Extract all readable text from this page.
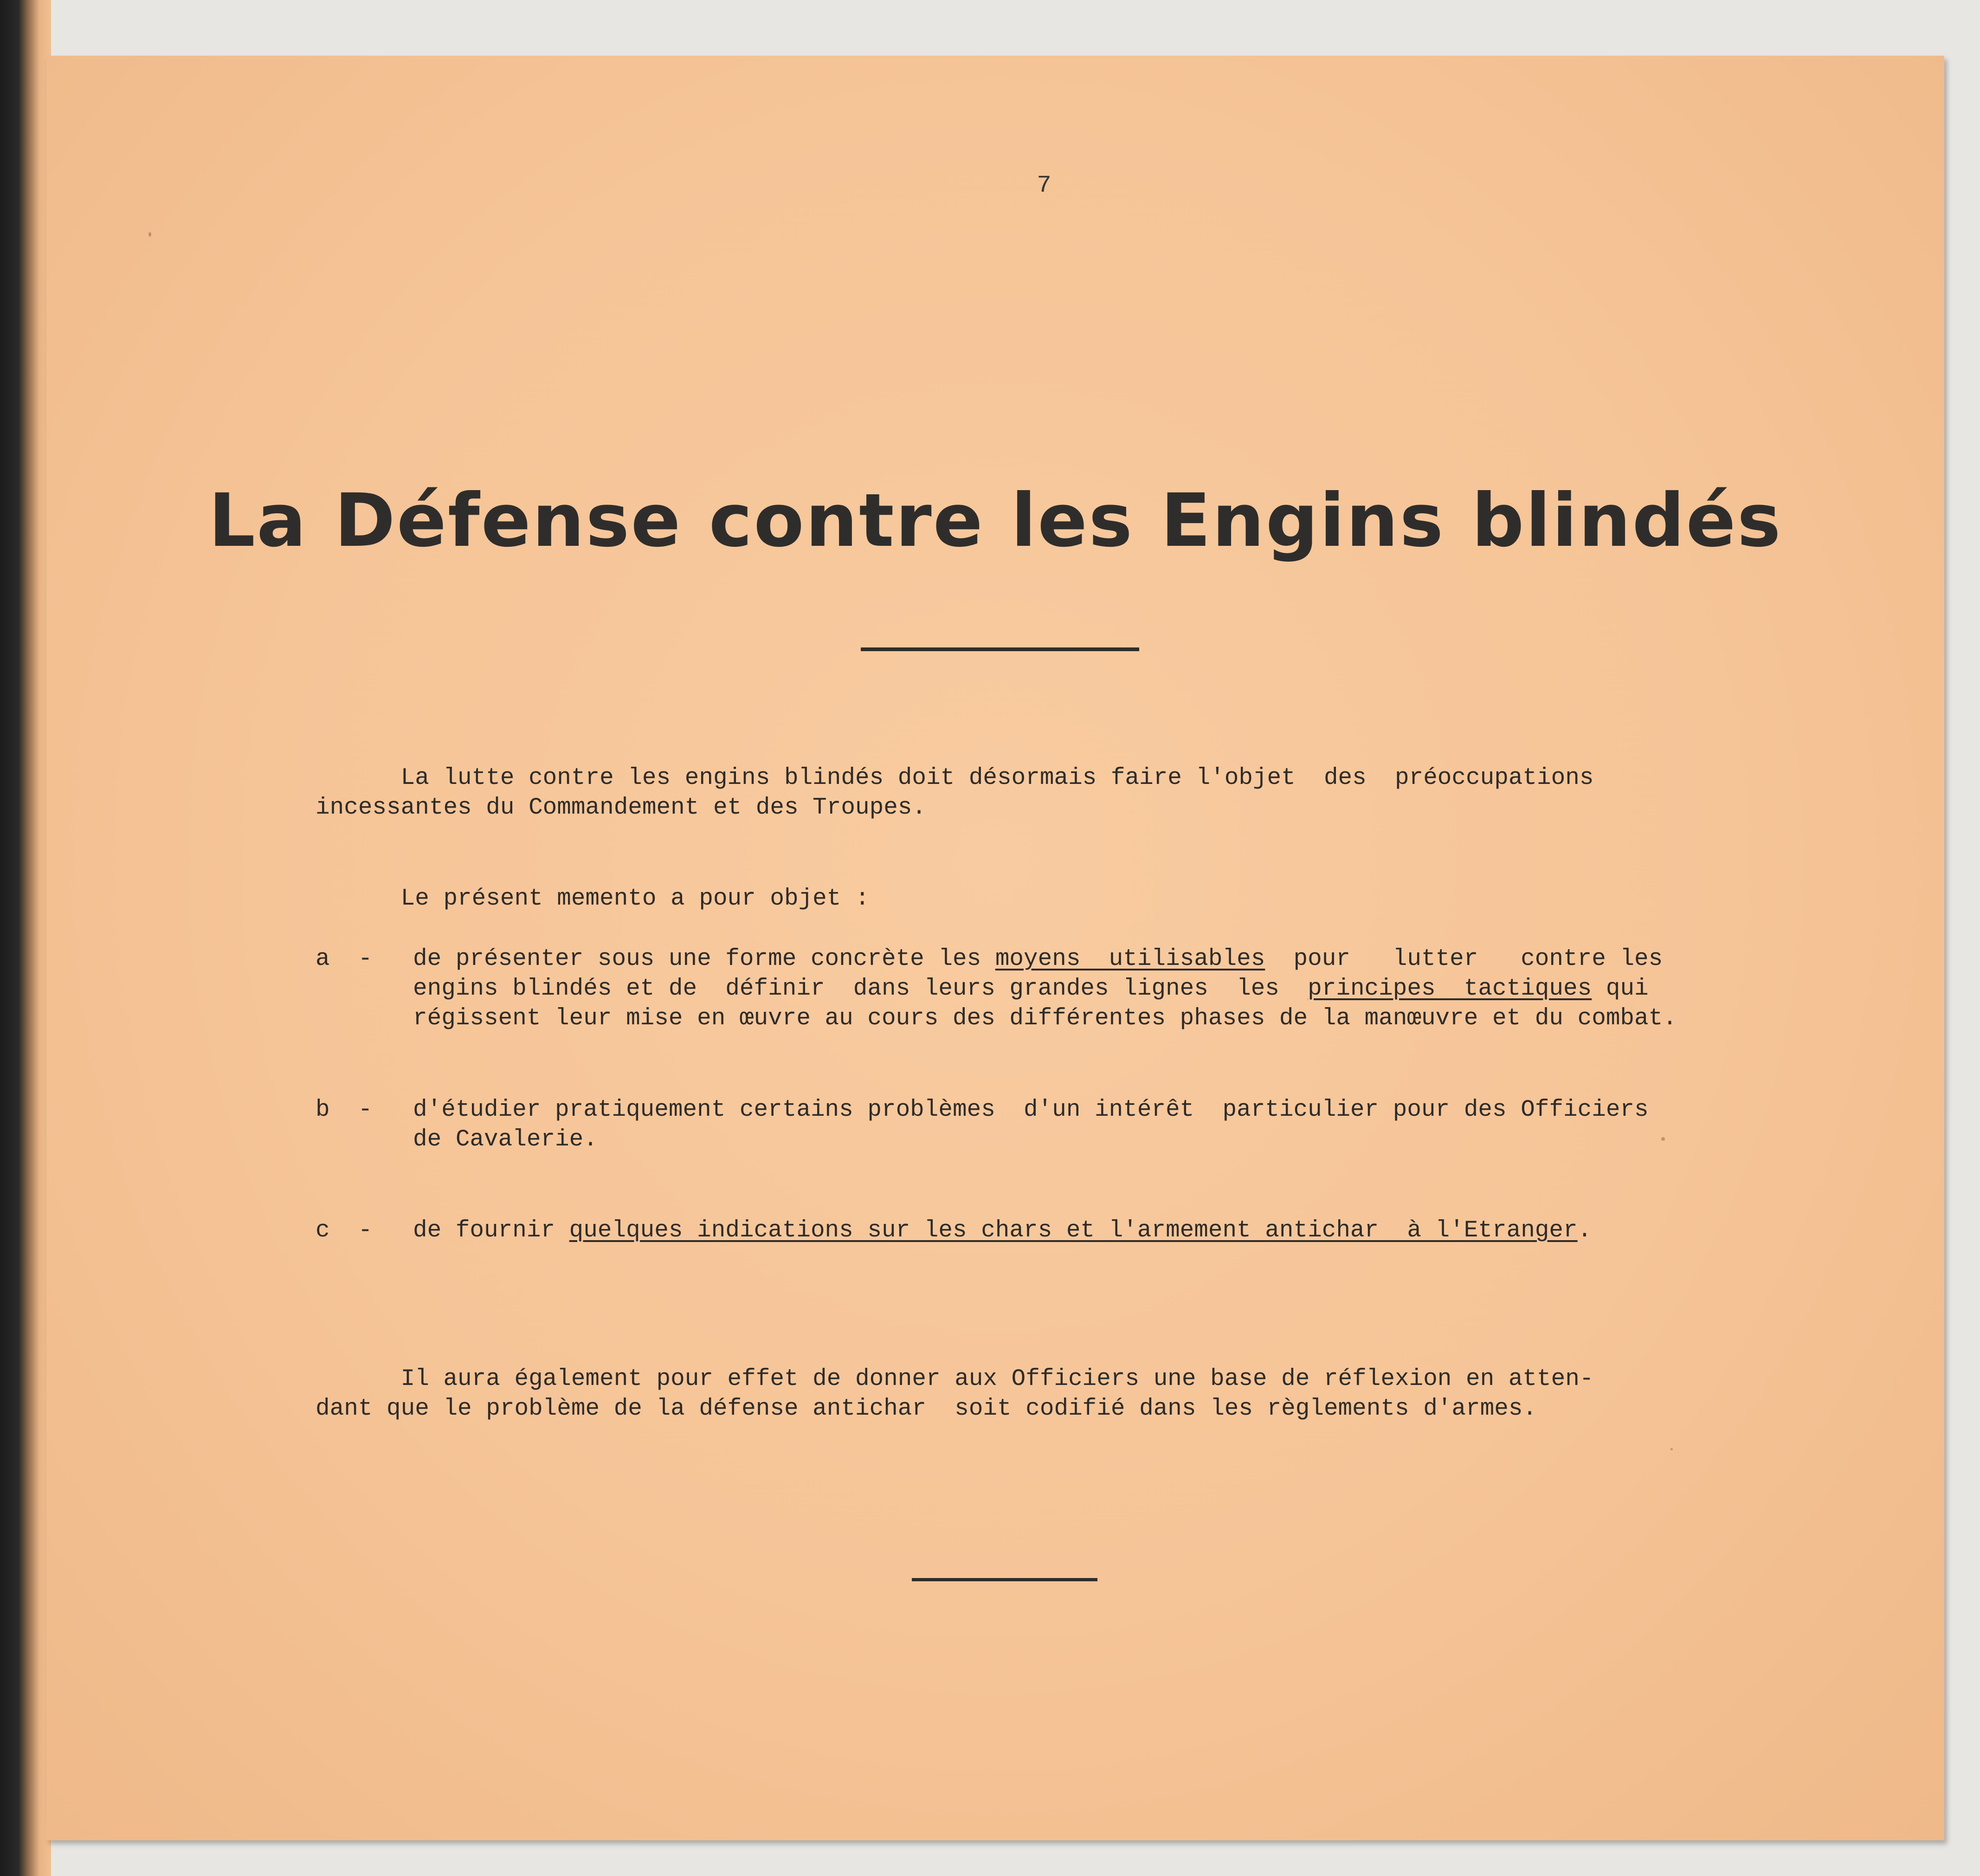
7
La Défense contre les Engins blindés
La lutte contre les engins blindés doit désormais faire l'objet  des  préoccupations
incessantes du Commandement et des Troupes.
Le présent memento a pour objet :
a  - de présenter sous une forme concrète les moyens  utilisables  pour   lutter   contre les
engins blindés et de  définir  dans leurs grandes lignes  les  principes  tactiques qui
régissent leur mise en œuvre au cours des différentes phases de la manœuvre et du combat.
b  - d'étudier pratiquement certains problèmes  d'un intérêt  particulier pour des Officiers
de Cavalerie.
c  - de fournir quelques indications sur les chars et l'armement antichar  à l'Etranger.
Il aura également pour effet de donner aux Officiers une base de réflexion en atten-
dant que le problème de la défense antichar  soit codifié dans les règlements d'armes.
